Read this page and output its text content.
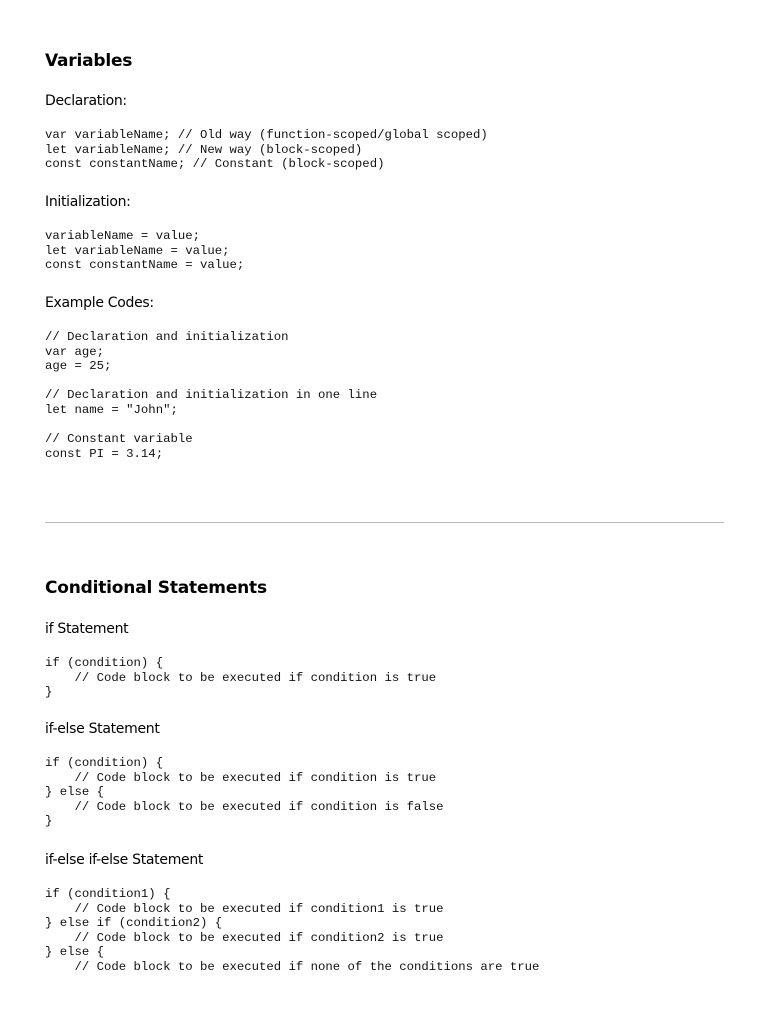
Variables
Declaration:
var variableName; // Old way (function-scoped/global scoped)
let variableName; // New way (block-scoped)
const constantName; // Constant (block-scoped)
Initialization:
variableName = value;
let variableName = value;
const constantName = value;
Example Codes:
// Declaration and initialization
var age;
age = 25;
// Declaration and initialization in one line
let name = "John";
// Constant variable
const PI = 3.14;
Conditional Statements
if Statement
if (condition) {
// Code block to be executed if condition is true
}
if-else Statement
if (condition) {
// Code block to be executed if condition is true
} else {
// Code block to be executed if condition is false
}
if-else if-else Statement
if (condition1) {
// Code block to be executed if condition1 is true
} else if (condition2) {
// Code block to be executed if condition2 is true
} else {
// Code block to be executed if none of the conditions are true
